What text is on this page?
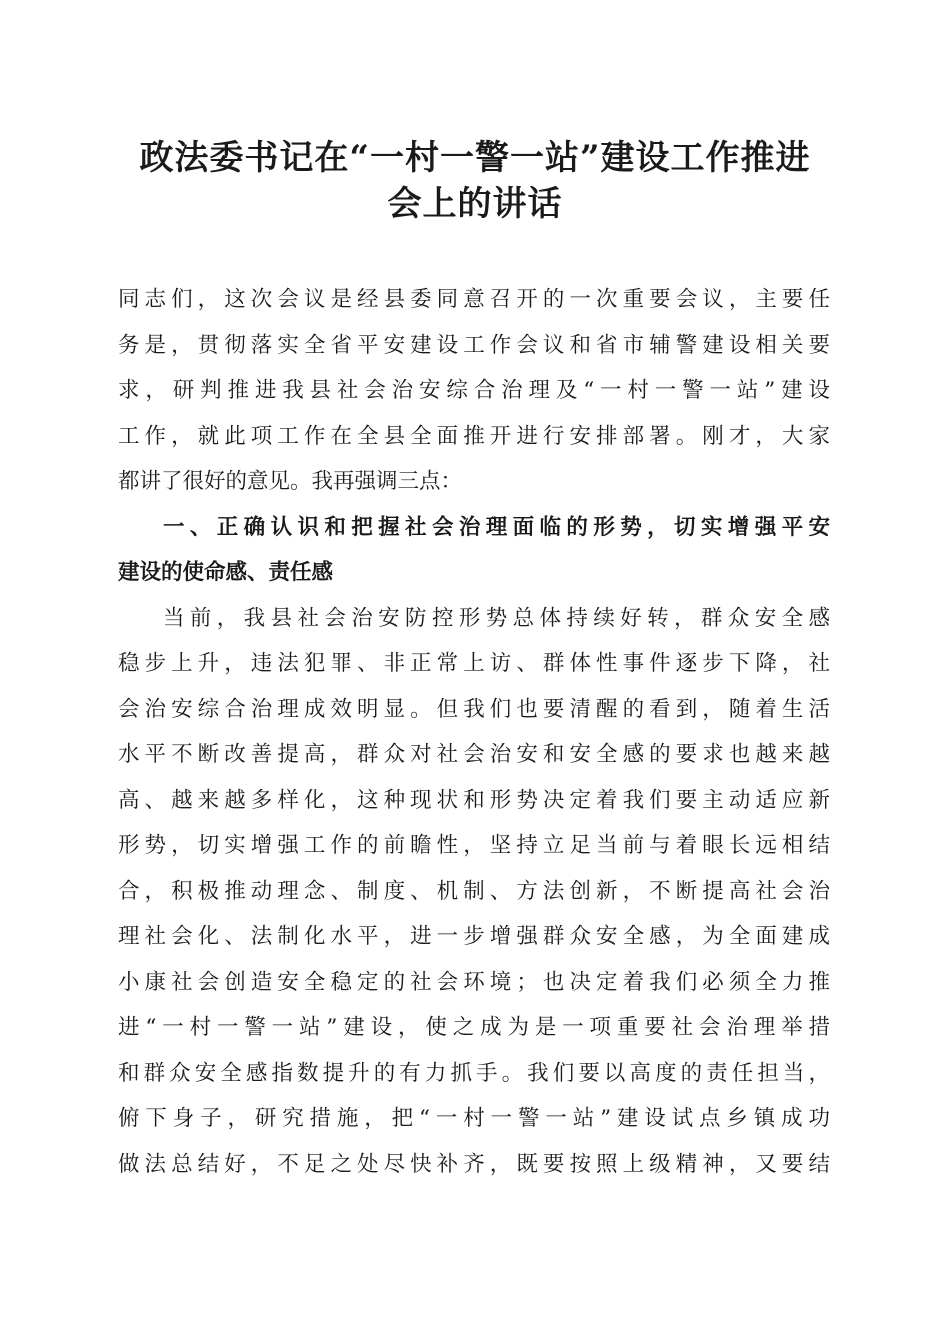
政法委书记在“一村一警一站”建设工作推进
会上的讲话
同志们，这次会议是经县委同意召开的一次重要会议，主要任
务是，贯彻落实全省平安建设工作会议和省市辅警建设相关要
求，研判推进我县社会治安综合治理及“一村一警一站”建设
工作，就此项工作在全县全面推开进行安排部署。刚才，大家
都讲了很好的意见。我再强调三点：
一、正确认识和把握社会治理面临的形势，切实增强平安
建设的使命感、责任感
当前，我县社会治安防控形势总体持续好转，群众安全感
稳步上升，违法犯罪、非正常上访、群体性事件逐步下降，社
会治安综合治理成效明显。但我们也要清醒的看到，随着生活
水平不断改善提高，群众对社会治安和安全感的要求也越来越
高、越来越多样化，这种现状和形势决定着我们要主动适应新
形势，切实增强工作的前瞻性，坚持立足当前与着眼长远相结
合，积极推动理念、制度、机制、方法创新，不断提高社会治
理社会化、法制化水平，进一步增强群众安全感，为全面建成
小康社会创造安全稳定的社会环境；也决定着我们必须全力推
进“一村一警一站”建设，使之成为是一项重要社会治理举措
和群众安全感指数提升的有力抓手。我们要以高度的责任担当，
俯下身子，研究措施，把“一村一警一站”建设试点乡镇成功
做法总结好，不足之处尽快补齐，既要按照上级精神，又要结
